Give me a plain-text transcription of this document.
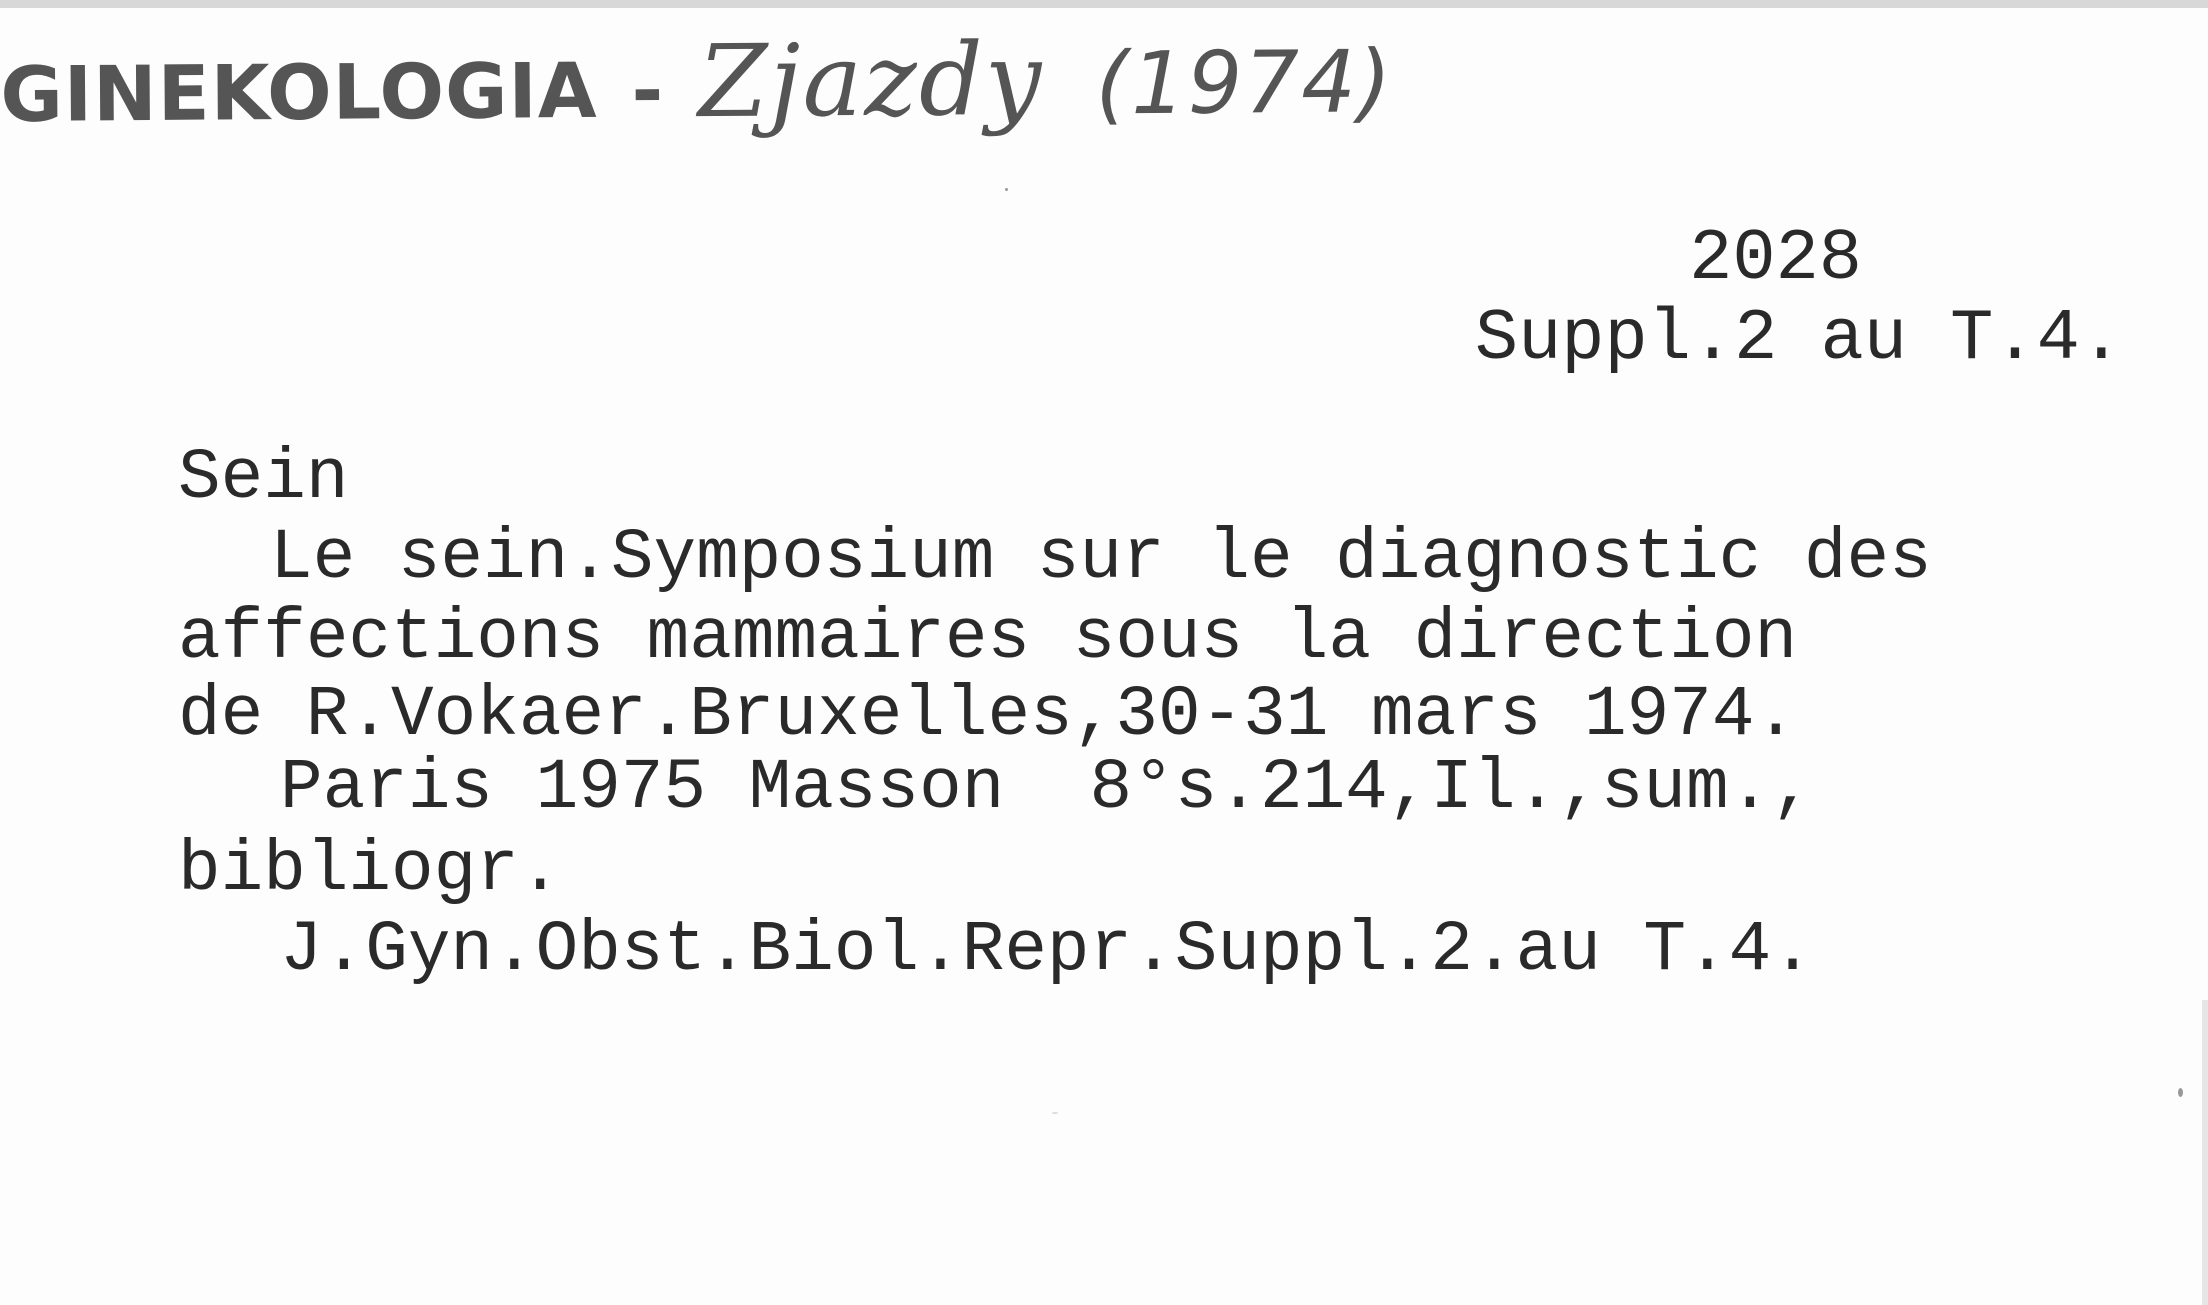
GINEKOLOGIA - Zjazdy (1974)
2028
Suppl.2 au T.4.
Sein
Le sein.Symposium sur le diagnostic des
affections mammaires sous la direction
de R.Vokaer.Bruxelles,30-31 mars 1974.
Paris 1975 Masson  8°s.214,Il.,sum.,
bibliogr.
J.Gyn.Obst.Biol.Repr.Suppl.2.au T.4.
